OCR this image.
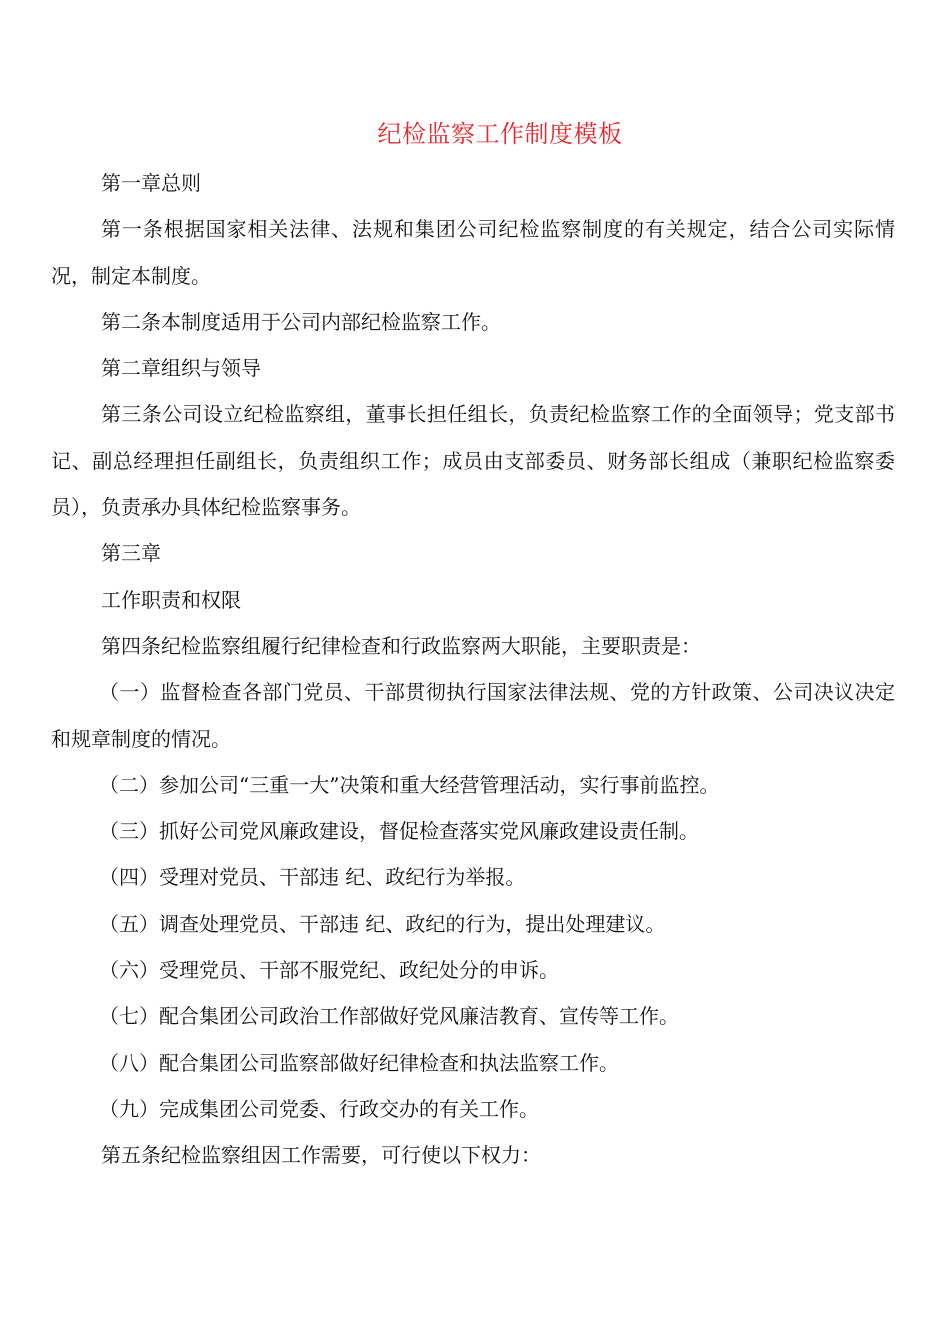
纪检监察工作制度模板

第一章总则

第一条根据国家相关法律、法规和集团公司纪检监察制度的有关规定，结合公司实际情况，制定本制度。

第二条本制度适用于公司内部纪检监察工作。

第二章组织与领导

第三条公司设立纪检监察组，董事长担任组长，负责纪检监察工作的全面领导；党支部书记、副总经理担任副组长，负责组织工作；成员由支部委员、财务部长组成（兼职纪检监察委员），负责承办具体纪检监察事务。

第三章

工作职责和权限

第四条纪检监察组履行纪律检查和行政监察两大职能，主要职责是：

（一）监督检查各部门党员、干部贯彻执行国家法律法规、党的方针政策、公司决议决定和规章制度的情况。

（二）参加公司“三重一大”决策和重大经营管理活动，实行事前监控。

（三）抓好公司党风廉政建设，督促检查落实党风廉政建设责任制。

（四）受理对党员、干部违 纪、政纪行为举报。

（五）调查处理党员、干部违 纪、政纪的行为，提出处理建议。

（六）受理党员、干部不服党纪、政纪处分的申诉。

（七）配合集团公司政治工作部做好党风廉洁教育、宣传等工作。

（八）配合集团公司监察部做好纪律检查和执法监察工作。

（九）完成集团公司党委、行政交办的有关工作。

第五条纪检监察组因工作需要，可行使以下权力：
